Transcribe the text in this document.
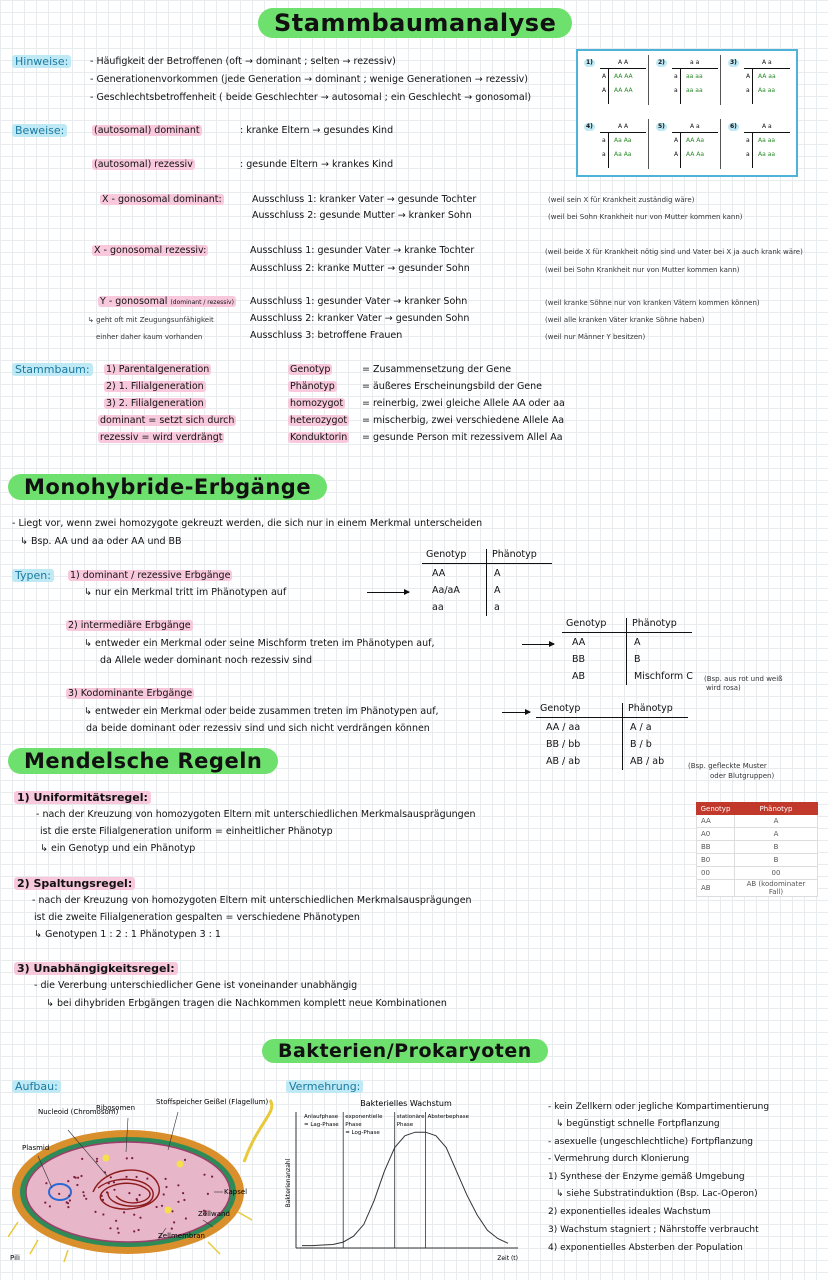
Stammbaumanalyse
Hinweise:	- Häufigkeit der Betroffenen (oft → dominant ; selten → rezessiv)
- Generationenvorkommen (jede Generation → dominant ; wenige Generationen → rezessiv)
- Geschlechtsbetroffenheit ( beide Geschlechter → autosomal ; ein Geschlecht → gonosomal)
1)	A A
A AA AA
A AA AA
2)	a a
a aa aa
a aa aa
3)	A a
A AA aa
a Aa aa
4)	A A
a Aa Aa
a Aa Aa
5)	A a
A AA Aa
A AA Aa
6)	A a
a Aa aa
a Aa aa
Beweise:	(autosomal) dominant	: kranke Eltern → gesundes Kind
(autosomal) rezessiv	: gesunde Eltern → krankes Kind
X - gonosomal dominant:	Ausschluss 1: kranker Vater → gesunde Tochter	(weil sein X für Krankheit zuständig wäre)
Ausschluss 2: gesunde Mutter → kranker Sohn	(weil bei Sohn Krankheit nur von Mutter kommen kann)
X - gonosomal rezessiv:	Ausschluss 1: gesunder Vater → kranke Tochter	(weil beide X für Krankheit nötig sind und Vater bei X ja auch krank wäre)
Ausschluss 2: kranke Mutter → gesunder Sohn	(weil bei Sohn Krankheit nur von Mutter kommen kann)
Y - gonosomal (dominant / rezessiv)
↳ geht oft mit Zeugungsunfähigkeit
einher daher kaum vorhanden
Ausschluss 1: gesunder Vater → kranker Sohn	(weil kranke Söhne nur von kranken Vätern kommen können)
Ausschluss 2: kranker Vater → gesunden Sohn	(weil alle kranken Väter kranke Söhne haben)
Ausschluss 3: betroffene Frauen	(weil nur Männer Y besitzen)
Stammbaum:	1) Parentalgeneration
2) 1. Filialgeneration
3) 2. Filialgeneration
dominant = setzt sich durch
rezessiv = wird verdrängt
Genotyp	= Zusammensetzung der Gene
Phänotyp	= äußeres Erscheinungsbild der Gene
homozygot = reinerbig, zwei gleiche Allele AA oder aa
heterozygot = mischerbig, zwei verschiedene Allele Aa
Konduktorin = gesunde Person mit rezessivem Allel Aa
Monohybride-Erbgänge
- Liegt vor, wenn zwei homozygote gekreuzt werden, die sich nur in einem Merkmal unterscheiden
↳ Bsp. AA und aa oder AA und BB
Typen:	1) dominant / rezessive Erbgänge
↳ nur ein Merkmal tritt im Phänotypen auf
2) intermediäre Erbgänge
↳ entweder ein Merkmal oder seine Mischform treten im Phänotypen auf,
da Allele weder dominant noch rezessiv sind
3) Kodominante Erbgänge
↳ entweder ein Merkmal oder beide zusammen treten im Phänotypen auf,
da beide dominant oder rezessiv sind und sich nicht verdrängen können
Genotyp	Phänotyp
AA	A
Aa/aA	A
aa	a
Genotyp	Phänotyp
AA	A
BB	B
AB	Mischform C (Bsp. aus rot und weiß
wird rosa)
Genotyp	Phänotyp
AA / aa	A / a
BB / bb	B / b
AB / ab	AB / ab	(Bsp. gefleckte Muster
oder Blutgruppen)
Mendelsche Regeln
1) Uniformitätsregel:
- nach der Kreuzung von homozygoten Eltern mit unterschiedlichen Merkmalsausprägungen
ist die erste Filialgeneration uniform = einheitlicher Phänotyp
↳ ein Genotyp und ein Phänotyp
2) Spaltungsregel:
- nach der Kreuzung von homozygoten Eltern mit unterschiedlichen Merkmalsausprägungen
ist die zweite Filialgeneration gespalten = verschiedene Phänotypen
↳ Genotypen 1 : 2 : 1 Phänotypen 3 : 1
3) Unabhängigkeitsregel:
- die Vererbung unterschiedlicher Gene ist voneinander unabhängig
↳ bei dihybriden Erbgängen tragen die Nachkommen komplett neue Kombinationen
Genotyp	Phänotyp
AA	A
A0	A
BB	B
B0	B
00	00
AB	AB (kodominater Fall)
Bakterien/Prokaryoten
Aufbau:
Nucleoid (Chromosom)
Ribosomen
Stoffspeicher Geißel (Flagellum)
Plasmid
Kapsel
Zellwand
Zellmembran
Pili
Vermehrung:
Bakterielles Wachstum
Bakterienanzahl
Zeit (t)
Anlaufphase
= Lag-Phase
exponentielle
Phase
= Log-Phase
stationäre
Phase
Absterbephase
- kein Zellkern oder jegliche Kompartimentierung
↳ begünstigt schnelle Fortpflanzung
- asexuelle (ungeschlechtliche) Fortpflanzung
- Vermehrung durch Klonierung
1) Synthese der Enzyme gemäß Umgebung
↳ siehe Substratinduktion (Bsp. Lac-Operon)
2) exponentielles ideales Wachstum
3) Wachstum stagniert ; Nährstoffe verbraucht
4) exponentielles Absterben der Population
